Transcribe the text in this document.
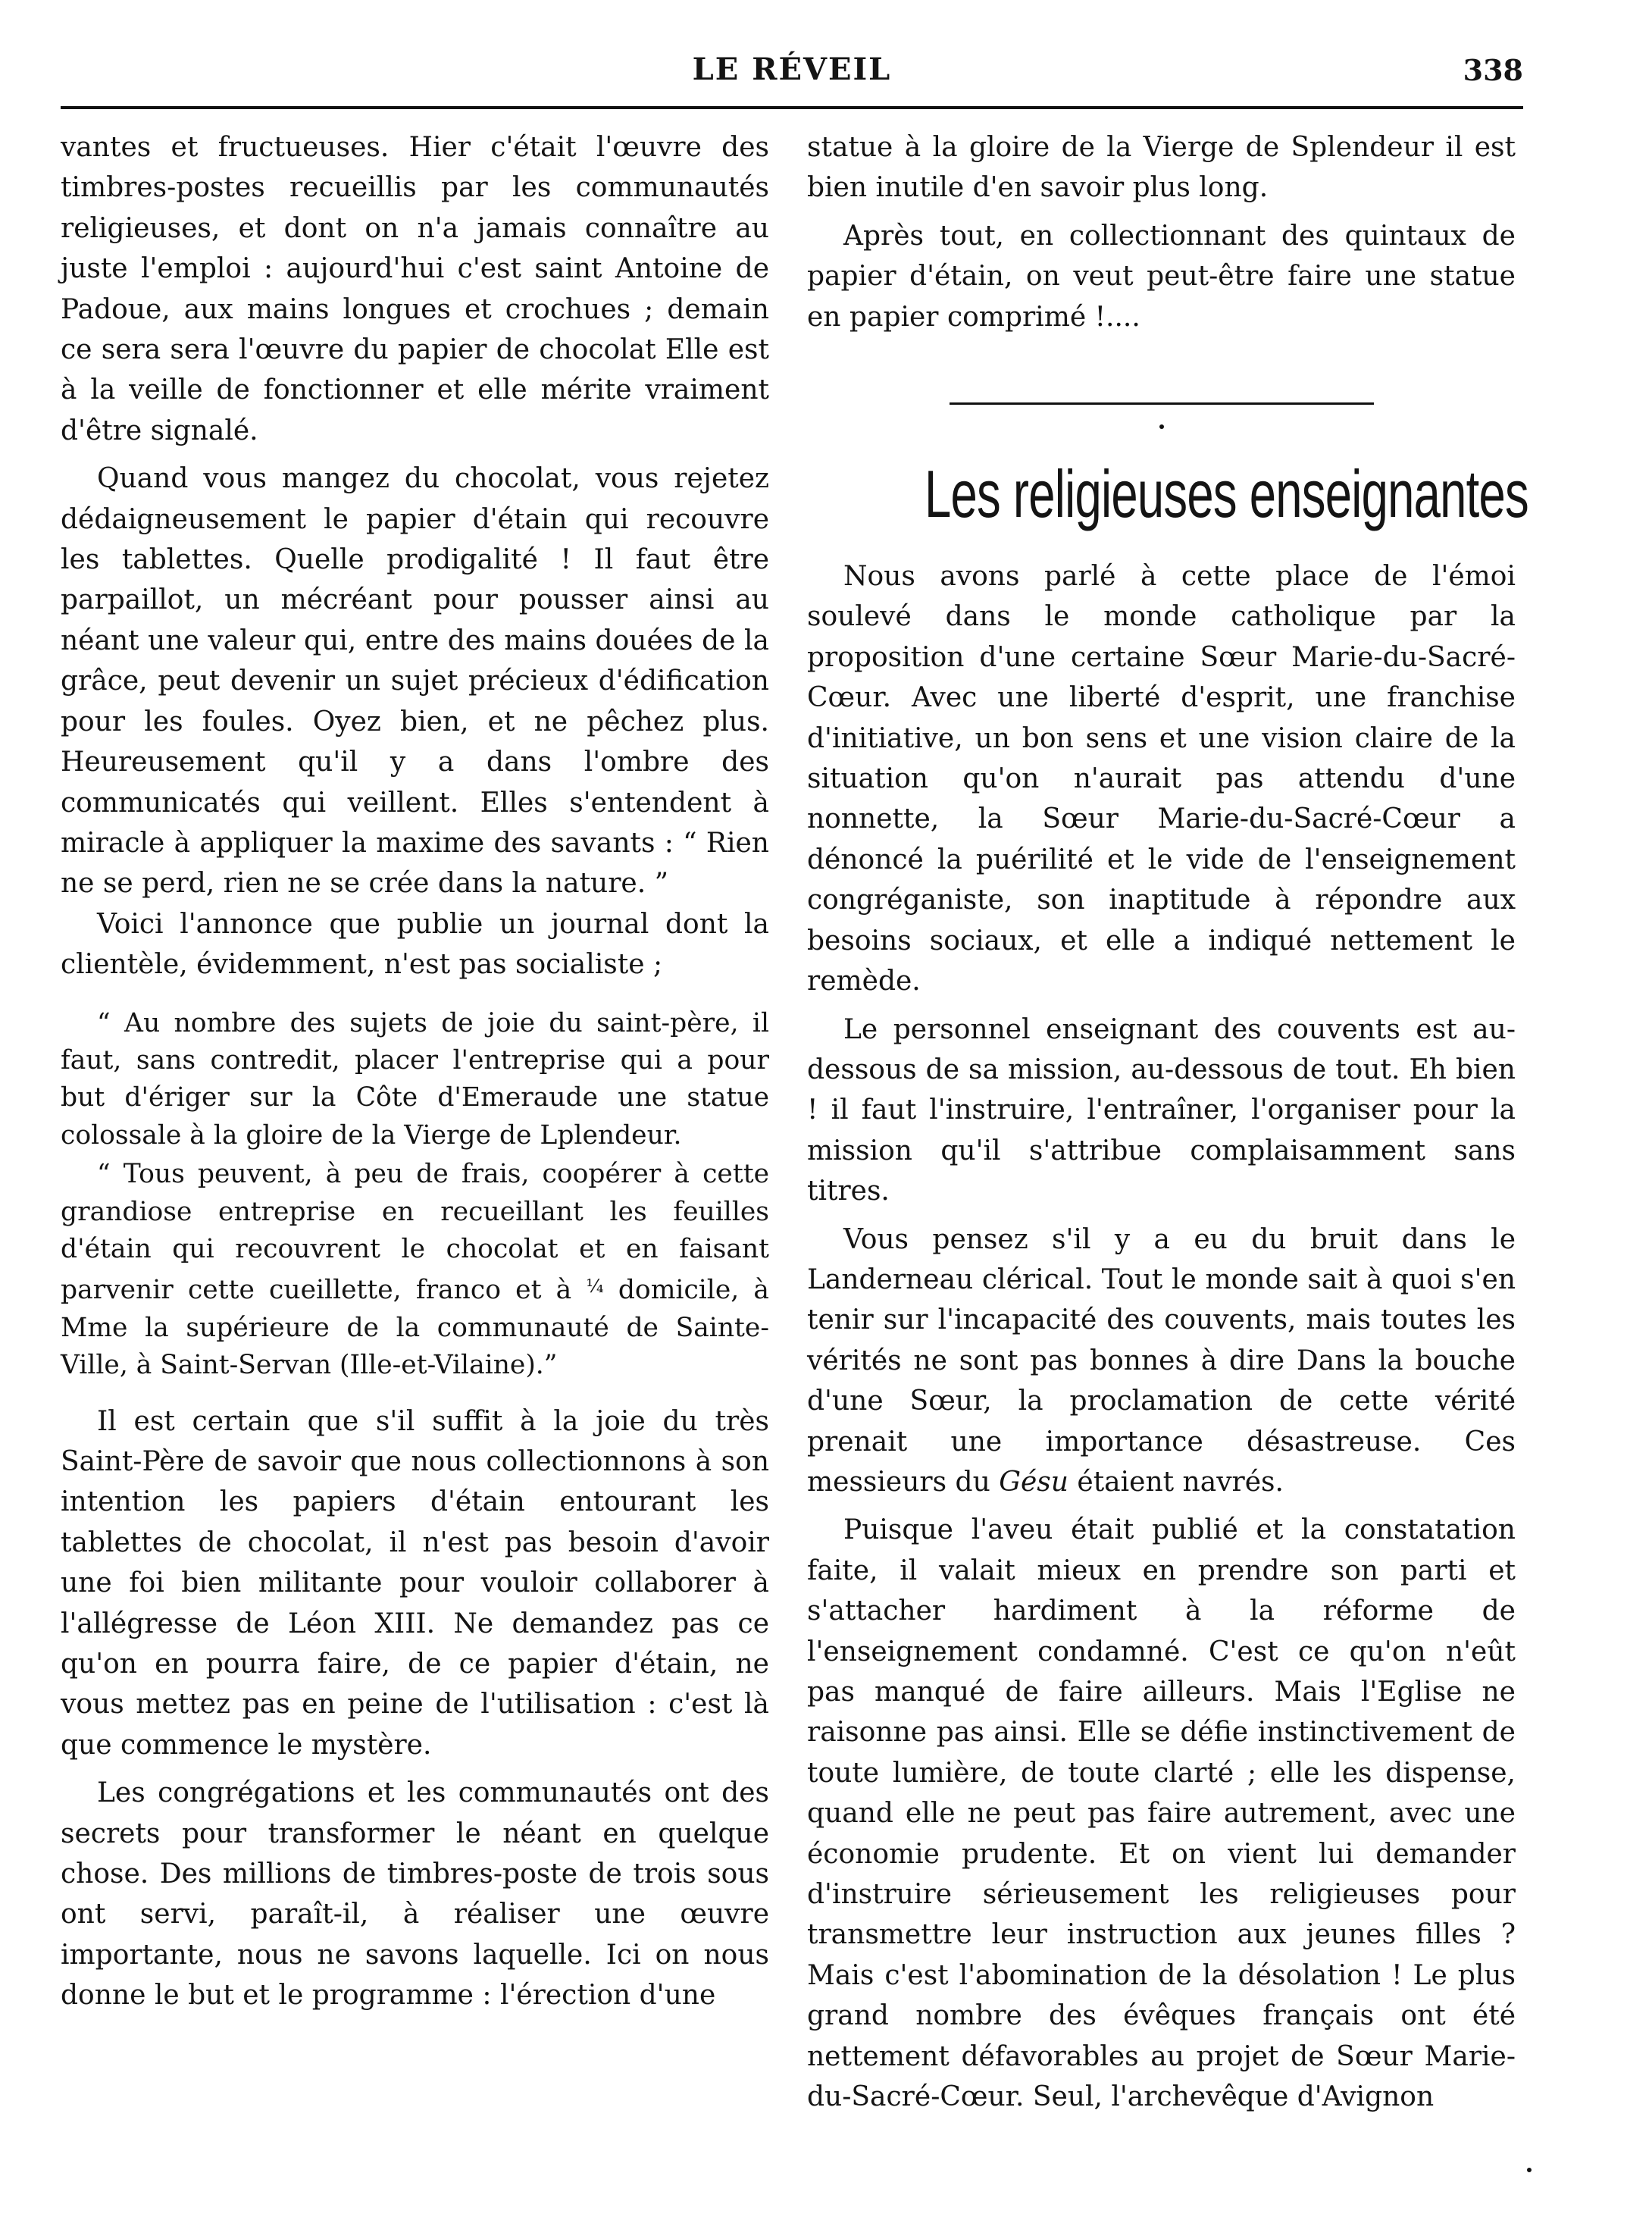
LE RÉVEIL	338

vantes et fructueuses. Hier c'était l'œuvre des timbres-postes recueillis par les communautés religieuses, et dont on n'a jamais connaître au juste l'emploi : aujourd'hui c'est saint Antoine de Padoue, aux mains longues et crochues ; demain ce sera sera l'œuvre du papier de chocolat Elle est à la veille de fonctionner et elle mérite vraiment d'être signalé.

Quand vous mangez du chocolat, vous rejetez dédaigneusement le papier d'étain qui recouvre les tablettes. Quelle prodigalité ! Il faut être parpaillot, un mécréant pour pousser ainsi au néant une valeur qui, entre des mains douées de la grâce, peut devenir un sujet précieux d'édification pour les foules. Oyez bien, et ne pêchez plus. Heureusement qu'il y a dans l'ombre des communicatés qui veillent. Elles s'entendent à miracle à appliquer la maxime des savants : “ Rien ne se perd, rien ne se crée dans la nature. ”

Voici l'annonce que publie un journal dont la clientèle, évidemment, n'est pas socialiste ;

“ Au nombre des sujets de joie du saint-père, il faut, sans contredit, placer l'entreprise qui a pour but d'ériger sur la Côte d'Emeraude une statue colossale à la gloire de la Vierge de Lplendeur.

“ Tous peuvent, à peu de frais, coopérer à cette grandiose entreprise en recueillant les feuilles d'étain qui recouvrent le chocolat et en faisant parvenir cette cueillette, franco et à $^{\frac{1}{4}}$ domicile, à Mme la supérieure de la communauté de Sainte-Ville, à Saint-Servan (Ille-et-Vilaine).”

Il est certain que s'il suffit à la joie du très Saint-Père de savoir que nous collectionnons à son intention les papiers d'étain entourant les tablettes de chocolat, il n'est pas besoin d'avoir une foi bien militante pour vouloir collaborer à l'allégresse de Léon XIII. Ne demandez pas ce qu'on en pourra faire, de ce papier d'étain, ne vous mettez pas en peine de l'utilisation : c'est là que commence le mystère.

Les congrégations et les communautés ont des secrets pour transformer le néant en quelque chose. Des millions de timbres-poste de trois sous ont servi, paraît-il, à réaliser une œuvre importante, nous ne savons laquelle. Ici on nous donne le but et le programme : l'érection d'une

statue à la gloire de la Vierge de Splendeur il est bien inutile d'en savoir plus long.

Après tout, en collectionnant des quintaux de papier d'étain, on veut peut-être faire une statue en papier comprimé !....

Les religieuses enseignantes

Nous avons parlé à cette place de l'émoi soulevé dans le monde catholique par la proposition d'une certaine Sœur Marie-du-Sacré-Cœur. Avec une liberté d'esprit, une franchise d'initiative, un bon sens et une vision claire de la situation qu'on n'aurait pas attendu d'une nonnette, la Sœur Marie-du-Sacré-Cœur a dénoncé la puérilité et le vide de l'enseignement congréganiste, son inaptitude à répondre aux besoins sociaux, et elle a indiqué nettement le remède.

Le personnel enseignant des couvents est au-dessous de sa mission, au-dessous de tout. Eh bien ! il faut l'instruire, l'entraîner, l'organiser pour la mission qu'il s'attribue complaisamment sans titres.

Vous pensez s'il y a eu du bruit dans le Landerneau clérical. Tout le monde sait à quoi s'en tenir sur l'incapacité des couvents, mais toutes les vérités ne sont pas bonnes à dire Dans la bouche d'une Sœur, la proclamation de cette vérité prenait une importance désastreuse. Ces messieurs du Gésu étaient navrés.

Puisque l'aveu était publié et la constatation faite, il valait mieux en prendre son parti et s'attacher hardiment à la réforme de l'enseignement condamné. C'est ce qu'on n'eût pas manqué de faire ailleurs. Mais l'Eglise ne raisonne pas ainsi. Elle se défie instinctivement de toute lumière, de toute clarté ; elle les dispense, quand elle ne peut pas faire autrement, avec une économie prudente. Et on vient lui demander d'instruire sérieusement les religieuses pour transmettre leur instruction aux jeunes filles ? Mais c'est l'abomination de la désolation ! Le plus grand nombre des évêques français ont été nettement défavorables au projet de Sœur Marie-du-Sacré-Cœur. Seul, l'archevêque d'Avignon
